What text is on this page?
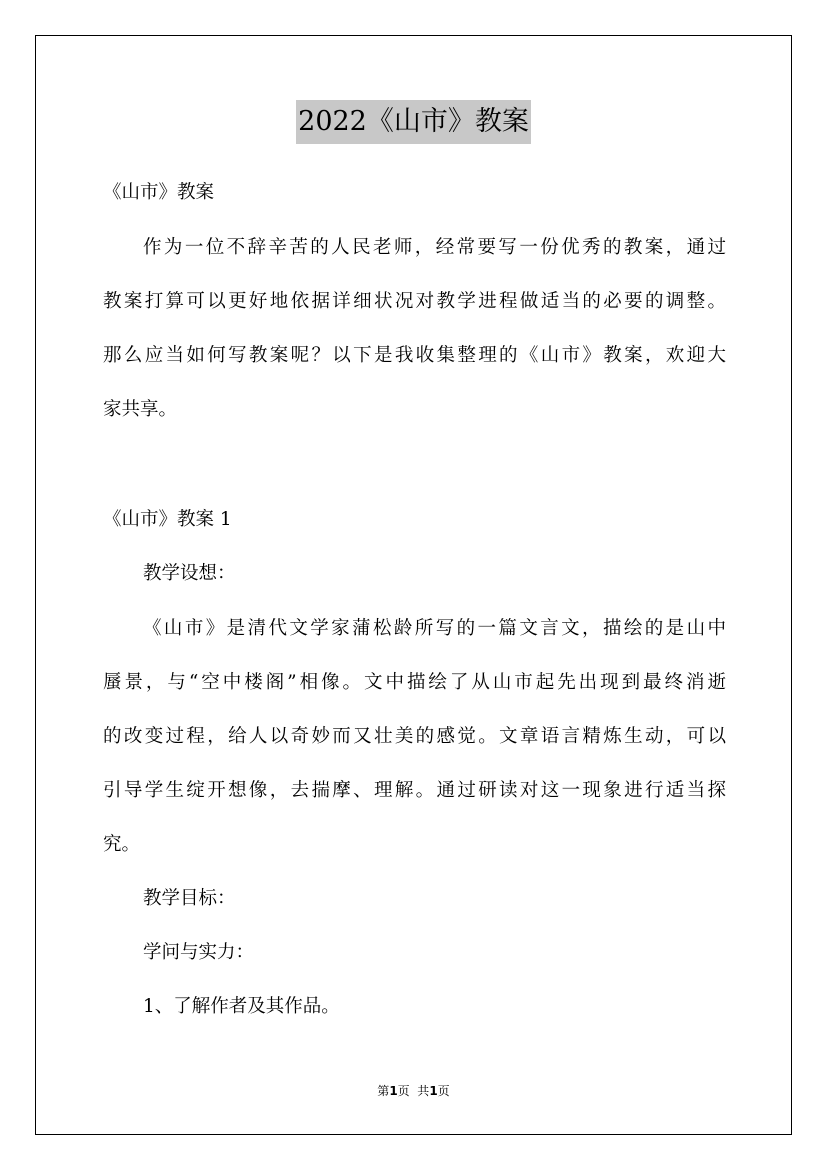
2022《山市》教案
《山市》教案
作为一位不辞辛苦的人民老师，经常要写一份优秀的教案，通过
教案打算可以更好地依据详细状况对教学进程做适当的必要的调整。
那么应当如何写教案呢？以下是我收集整理的《山市》教案，欢迎大
家共享。
《山市》教案 1
教学设想：
《山市》是清代文学家蒲松龄所写的一篇文言文，描绘的是山中
蜃景，与“空中楼阁”相像。文中描绘了从山市起先出现到最终消逝
的改变过程，给人以奇妙而又壮美的感觉。文章语言精炼生动，可以
引导学生绽开想像，去揣摩、理解。通过研读对这一现象进行适当探
究。
教学目标：
学问与实力：
1、了解作者及其作品。
第1页  共1页
